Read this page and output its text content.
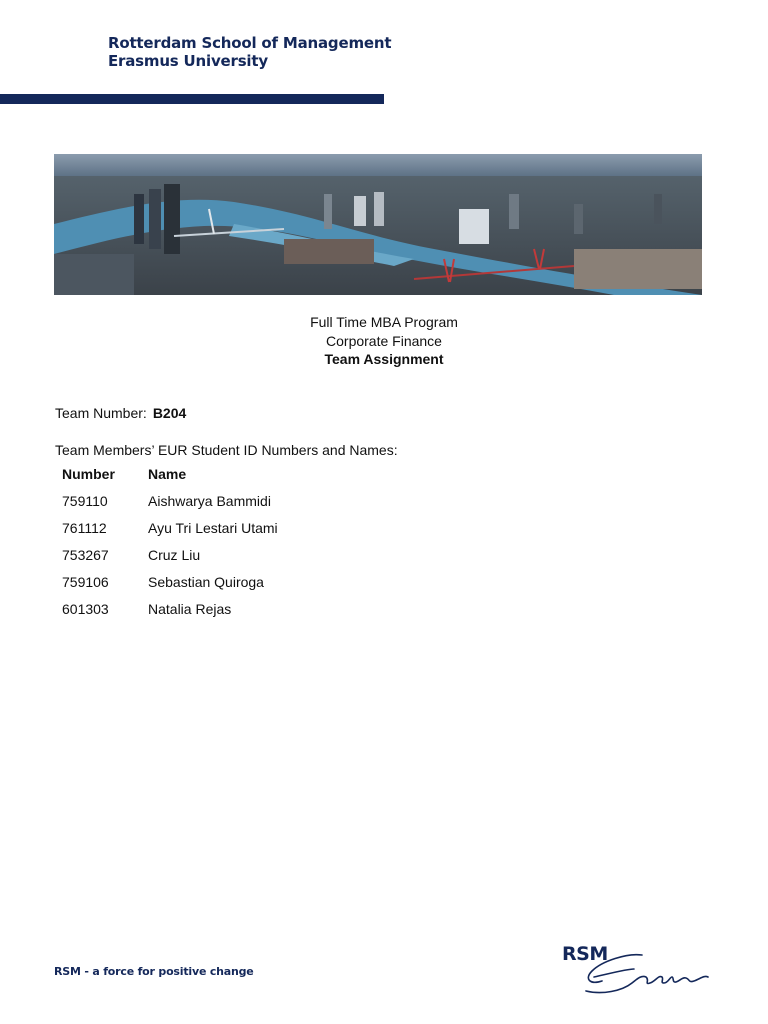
Rotterdam School of Management
Erasmus University
Full Time MBA Program
Corporate Finance
Team Assignment
Team Number: B204
Team Members’ EUR Student ID Numbers and Names:
Number Name
759110	Aishwarya Bammidi
761112	Ayu Tri Lestari Utami
753267	Cruz Liu
759106	Sebastian Quiroga
601303	Natalia Rejas
RSM - a force for positive change
RSM
